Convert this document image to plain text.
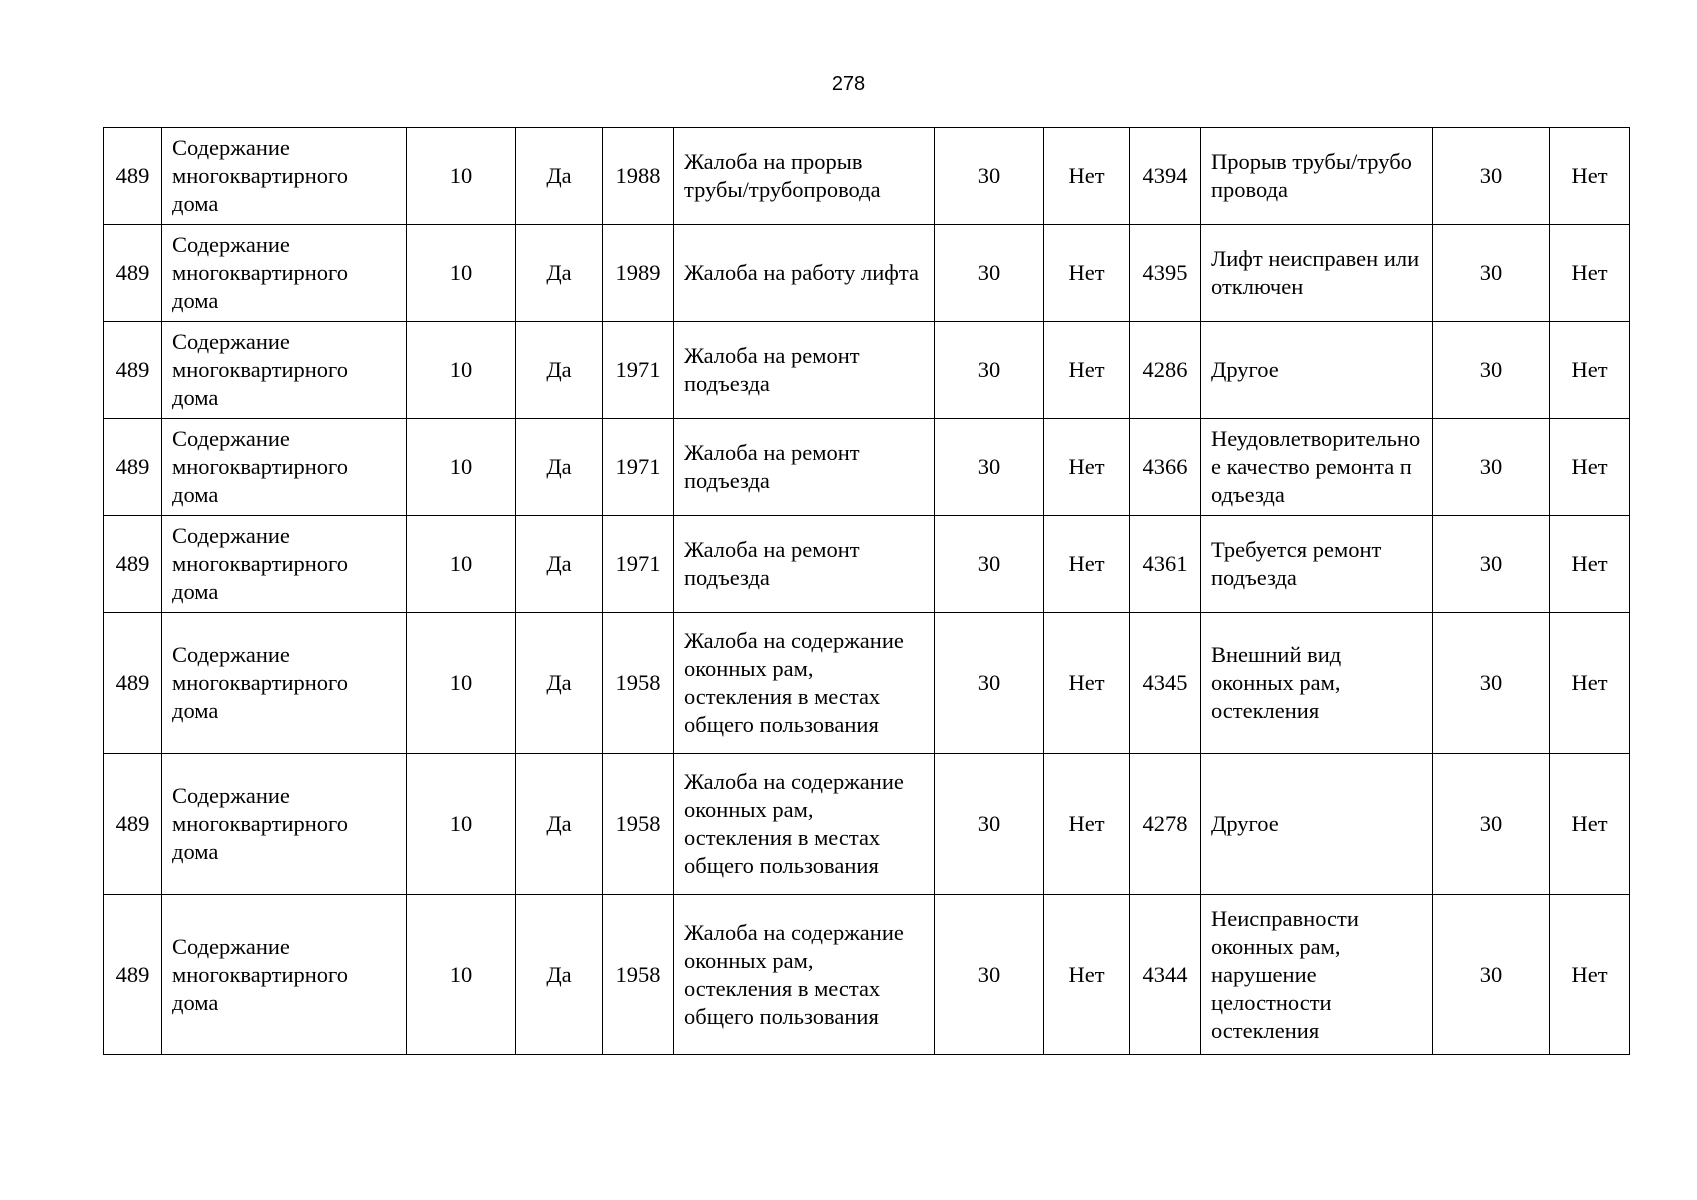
278
489	Содержание многоквартирного дома	10	Да	1988	Жалоба на прорыв трубы/трубопровода	30	Нет	4394	Прорыв трубы/трубопровода	30	Нет
489	Содержание многоквартирного дома	10	Да	1989	Жалоба на работу лифта	30	Нет	4395	Лифт неисправен или отключен	30	Нет
489	Содержание многоквартирного дома	10	Да	1971	Жалоба на ремонт подъезда	30	Нет	4286	Другое	30	Нет
489	Содержание многоквартирного дома	10	Да	1971	Жалоба на ремонт подъезда	30	Нет	4366	Неудовлетворительное качество ремонта подъезда	30	Нет
489	Содержание многоквартирного дома	10	Да	1971	Жалоба на ремонт подъезда	30	Нет	4361	Требуется ремонт подъезда	30	Нет
489	Содержание многоквартирного дома	10	Да	1958	Жалоба на содержание оконных рам, остекления в местах общего пользования	30	Нет	4345	Внешний вид оконных рам, остекления	30	Нет
489	Содержание многоквартирного дома	10	Да	1958	Жалоба на содержание оконных рам, остекления в местах общего пользования	30	Нет	4278	Другое	30	Нет
489	Содержание многоквартирного дома	10	Да	1958	Жалоба на содержание оконных рам, остекления в местах общего пользования	30	Нет	4344	Неисправности оконных рам, нарушение целостности остекления	30	Нет
